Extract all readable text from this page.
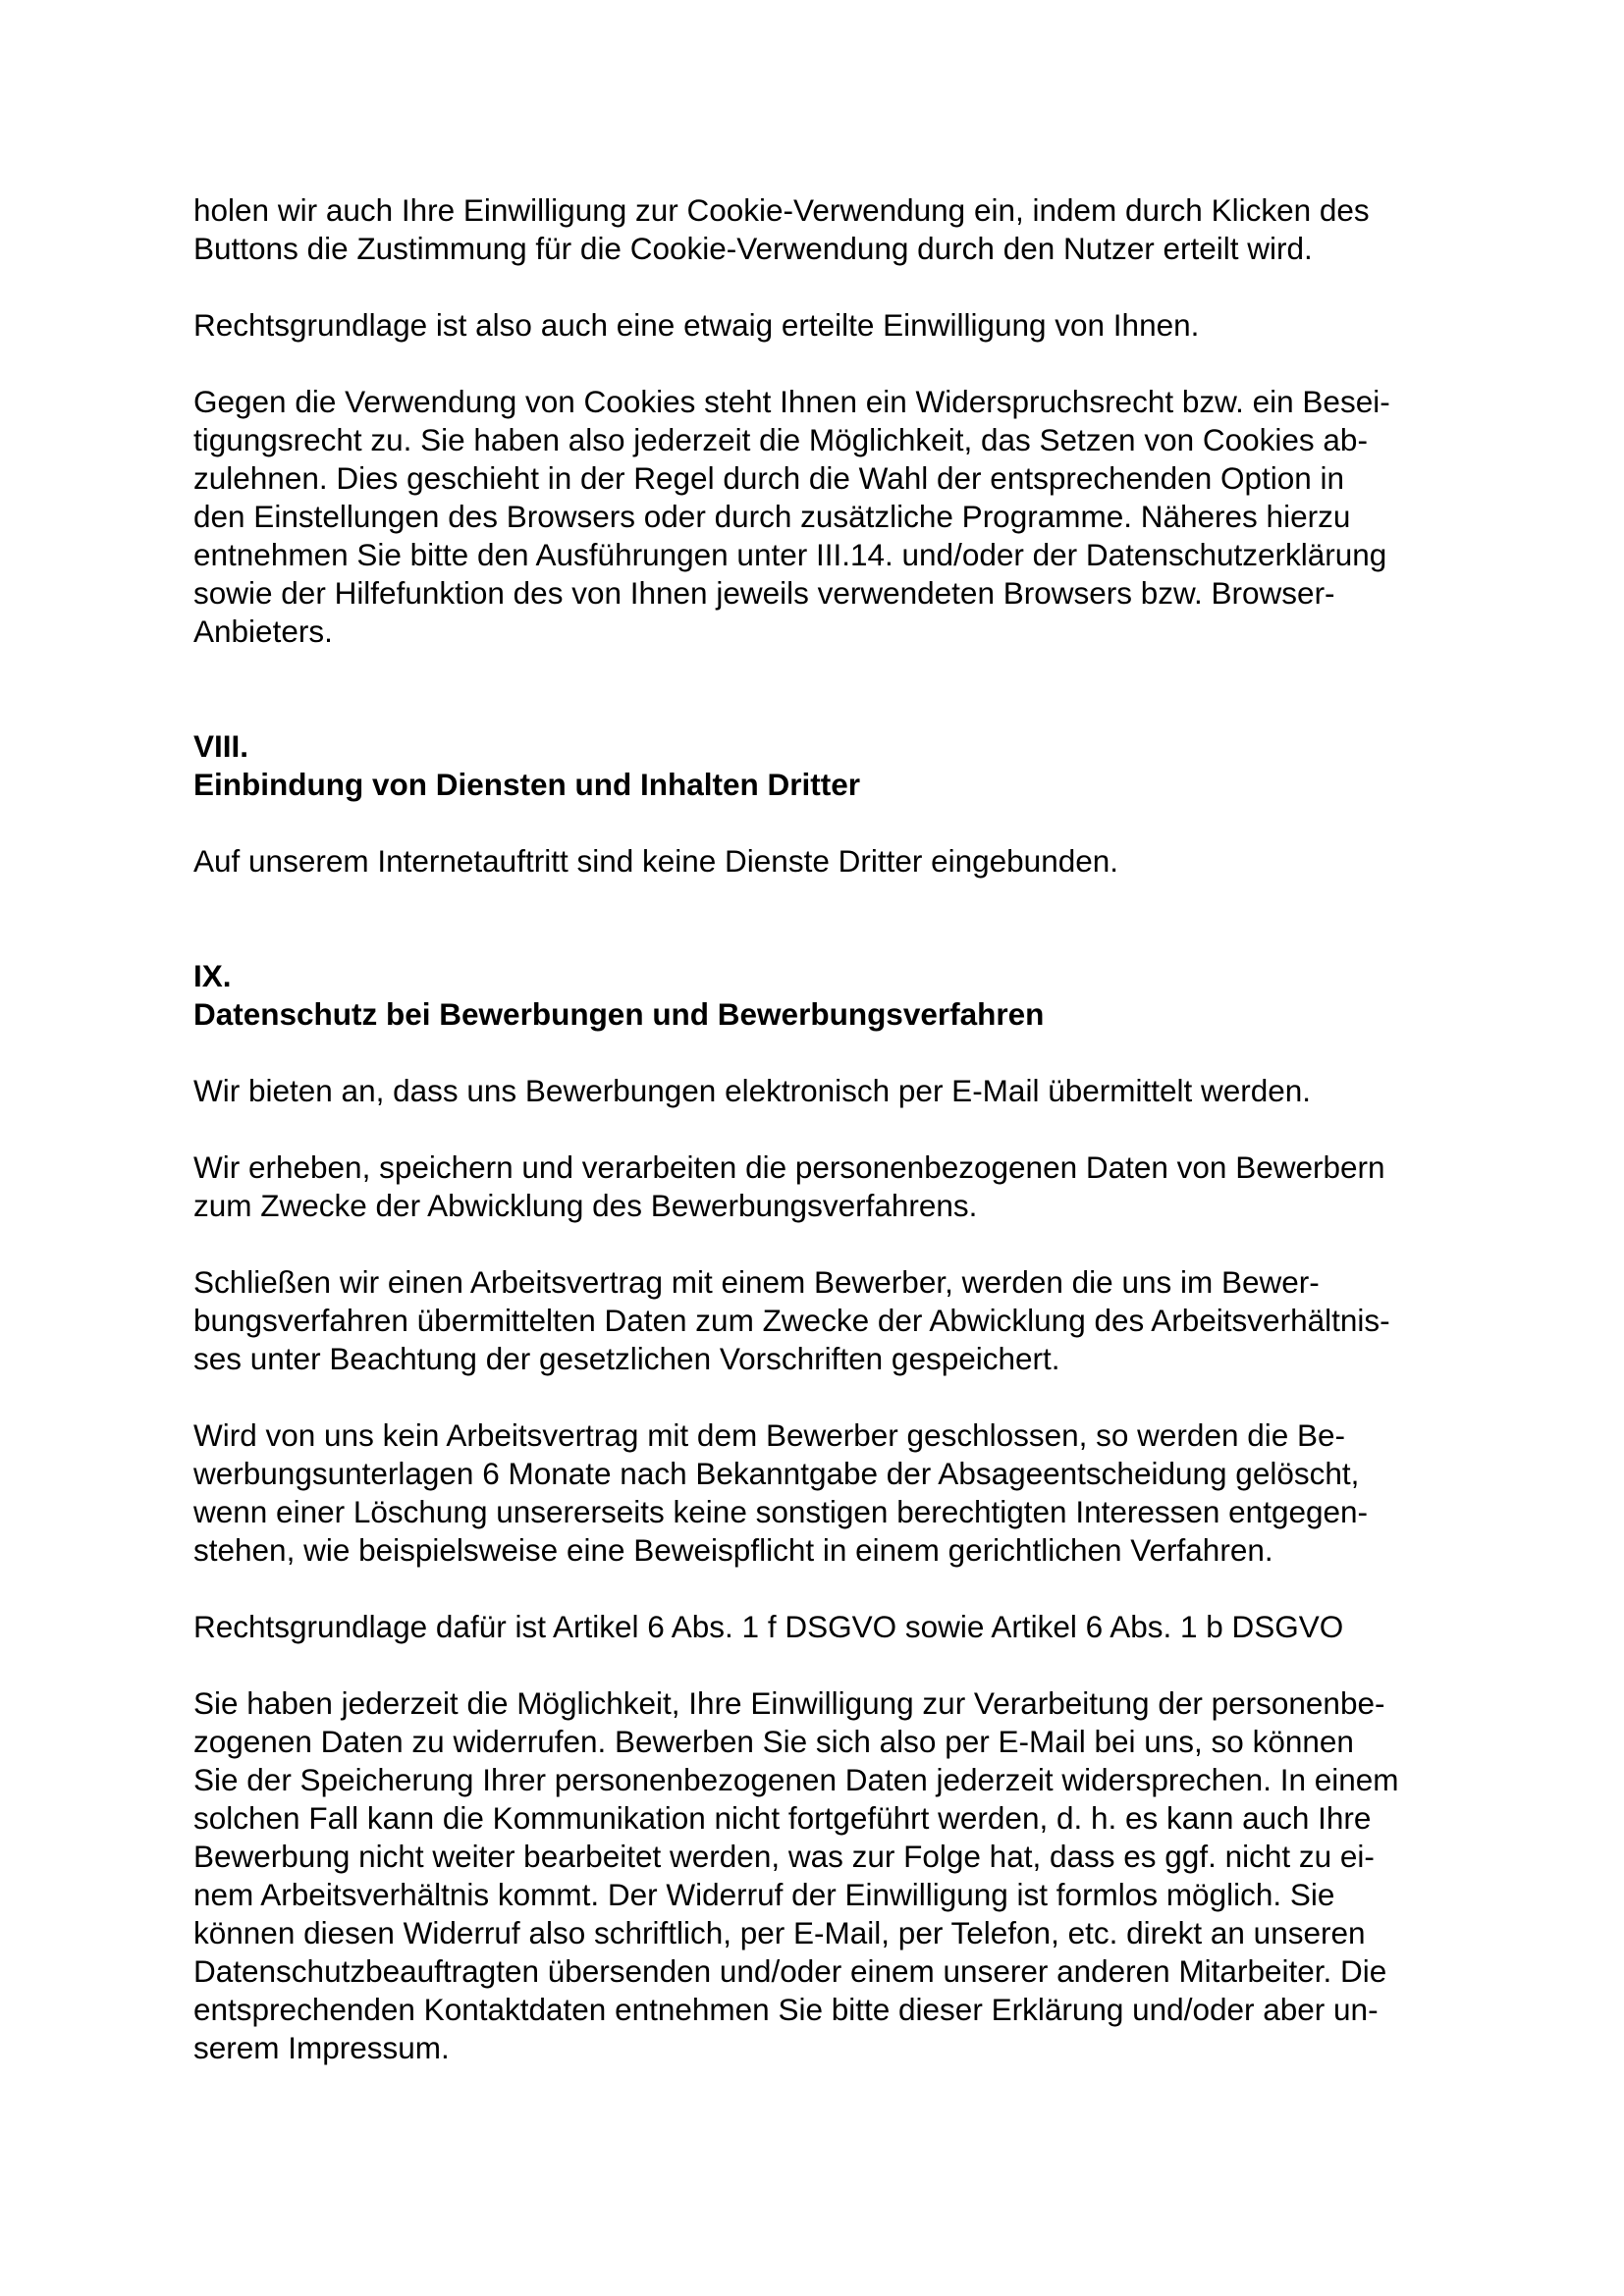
holen wir auch Ihre Einwilligung zur Cookie-Verwendung ein, indem durch Klicken des
Buttons die Zustimmung für die Cookie-Verwendung durch den Nutzer erteilt wird.
Rechtsgrundlage ist also auch eine etwaig erteilte Einwilligung von Ihnen.
Gegen die Verwendung von Cookies steht Ihnen ein Widerspruchsrecht bzw. ein Besei-
tigungsrecht zu. Sie haben also jederzeit die Möglichkeit, das Setzen von Cookies ab-
zulehnen. Dies geschieht in der Regel durch die Wahl der entsprechenden Option in
den Einstellungen des Browsers oder durch zusätzliche Programme. Näheres hierzu
entnehmen Sie bitte den Ausführungen unter III.14. und/oder der Datenschutzerklärung
sowie der Hilfefunktion des von Ihnen jeweils verwendeten Browsers bzw. Browser-
Anbieters.
VIII.
Einbindung von Diensten und Inhalten Dritter
Auf unserem Internetauftritt sind keine Dienste Dritter eingebunden.
IX.
Datenschutz bei Bewerbungen und Bewerbungsverfahren
Wir bieten an, dass uns Bewerbungen elektronisch per E-Mail übermittelt werden.
Wir erheben, speichern und verarbeiten die personenbezogenen Daten von Bewerbern
zum Zwecke der Abwicklung des Bewerbungsverfahrens.
Schließen wir einen Arbeitsvertrag mit einem Bewerber, werden die uns im Bewer-
bungsverfahren übermittelten Daten zum Zwecke der Abwicklung des Arbeitsverhältnis-
ses unter Beachtung der gesetzlichen Vorschriften gespeichert.
Wird von uns kein Arbeitsvertrag mit dem Bewerber geschlossen, so werden die Be-
werbungsunterlagen 6 Monate nach Bekanntgabe der Absageentscheidung gelöscht,
wenn einer Löschung unsererseits keine sonstigen berechtigten Interessen entgegen-
stehen, wie beispielsweise eine Beweispflicht in einem gerichtlichen Verfahren.
Rechtsgrundlage dafür ist Artikel 6 Abs. 1 f DSGVO sowie Artikel 6 Abs. 1 b DSGVO
Sie haben jederzeit die Möglichkeit, Ihre Einwilligung zur Verarbeitung der personenbe-
zogenen Daten zu widerrufen. Bewerben Sie sich also per E-Mail bei uns, so können
Sie der Speicherung Ihrer personenbezogenen Daten jederzeit widersprechen. In einem
solchen Fall kann die Kommunikation nicht fortgeführt werden, d. h. es kann auch Ihre
Bewerbung nicht weiter bearbeitet werden, was zur Folge hat, dass es ggf. nicht zu ei-
nem Arbeitsverhältnis kommt. Der Widerruf der Einwilligung ist formlos möglich. Sie
können diesen Widerruf also schriftlich, per E-Mail, per Telefon, etc. direkt an unseren
Datenschutzbeauftragten übersenden und/oder einem unserer anderen Mitarbeiter. Die
entsprechenden Kontaktdaten entnehmen Sie bitte dieser Erklärung und/oder aber un-
serem Impressum.
